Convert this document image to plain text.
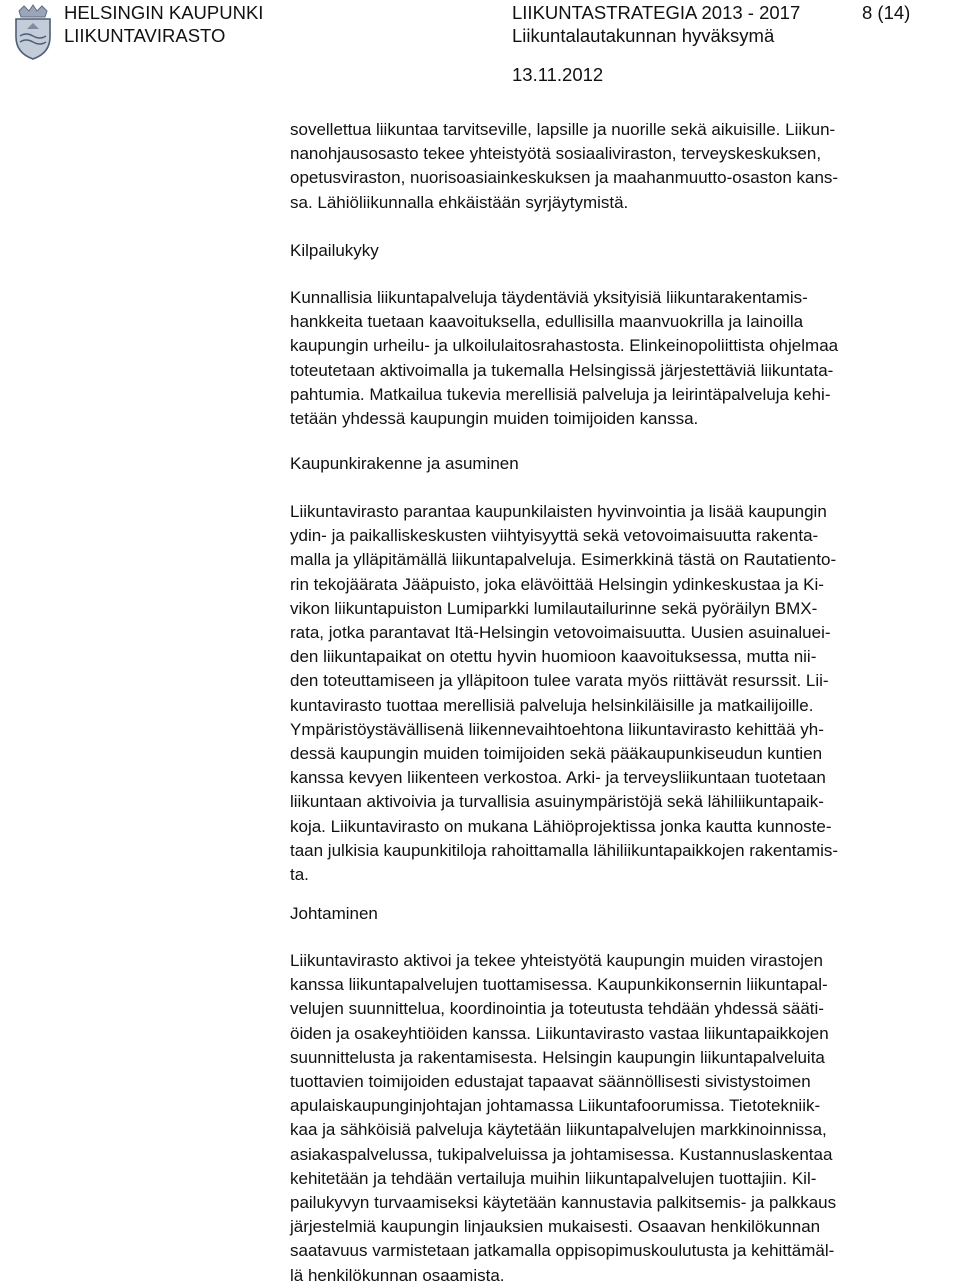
HELSINGIN KAUPUNKI
LIIKUNTAVIRASTO
LIIKUNTASTRATEGIA 2013 - 2017	8 (14)
Liikuntalautakunnan hyväksymä
13.11.2012
sovellettua liikuntaa tarvitseville, lapsille ja nuorille sekä aikuisille. Liikun-
nanohjausosasto tekee yhteistyötä sosiaaliviraston, terveyskeskuksen,
opetusviraston, nuorisoasiainkeskuksen ja maahanmuutto-osaston kans-
sa. Lähiöliikunnalla ehkäistään syrjäytymistä.
Kilpailukyky
Kunnallisia liikuntapalveluja täydentäviä yksityisiä liikuntarakentamis-
hankkeita tuetaan kaavoituksella, edullisilla maanvuokrilla ja lainoilla
kaupungin urheilu- ja ulkoilulaitosrahastosta. Elinkeinopoliittista ohjelmaa
toteutetaan aktivoimalla ja tukemalla Helsingissä järjestettäviä liikuntata-
pahtumia. Matkailua tukevia merellisiä palveluja ja leirintäpalveluja kehi-
tetään yhdessä kaupungin muiden toimijoiden kanssa.
Kaupunkirakenne ja asuminen
Liikuntavirasto parantaa kaupunkilaisten hyvinvointia ja lisää kaupungin
ydin- ja paikalliskeskusten viihtyisyyttä sekä vetovoimaisuutta rakenta-
malla ja ylläpitämällä liikuntapalveluja. Esimerkkinä tästä on Rautatiento-
rin tekojäärata Jääpuisto, joka elävöittää Helsingin ydinkeskustaa ja Ki-
vikon liikuntapuiston Lumiparkki lumilautailurinne sekä pyöräilyn BMX-
rata, jotka parantavat Itä-Helsingin vetovoimaisuutta. Uusien asuinaluei-
den liikuntapaikat on otettu hyvin huomioon kaavoituksessa, mutta nii-
den toteuttamiseen ja ylläpitoon tulee varata myös riittävät resurssit. Lii-
kuntavirasto tuottaa merellisiä palveluja helsinkiläisille ja matkailijoille.
Ympäristöystävällisenä liikennevaihtoehtona liikuntavirasto kehittää yh-
dessä kaupungin muiden toimijoiden sekä pääkaupunkiseudun kuntien
kanssa kevyen liikenteen verkostoa. Arki- ja terveysliikuntaan tuotetaan
liikuntaan aktivoivia ja turvallisia asuinympäristöjä sekä lähiliikuntapaik-
koja. Liikuntavirasto on mukana Lähiöprojektissa jonka kautta kunnoste-
taan julkisia kaupunkitiloja rahoittamalla lähiliikuntapaikkojen rakentamis-
ta.
Johtaminen
Liikuntavirasto aktivoi ja tekee yhteistyötä kaupungin muiden virastojen
kanssa liikuntapalvelujen tuottamisessa. Kaupunkikonsernin liikuntapal-
velujen suunnittelua, koordinointia ja toteutusta tehdään yhdessä sääti-
öiden ja osakeyhtiöiden kanssa. Liikuntavirasto vastaa liikuntapaikkojen
suunnittelusta ja rakentamisesta. Helsingin kaupungin liikuntapalveluita
tuottavien toimijoiden edustajat tapaavat säännöllisesti sivistystoimen
apulaiskaupunginjohtajan johtamassa Liikuntafoorumissa. Tietotekniik-
kaa ja sähköisiä palveluja käytetään liikuntapalvelujen markkinoinnissa,
asiakaspalvelussa, tukipalveluissa ja johtamisessa. Kustannuslaskentaa
kehitetään ja tehdään vertailuja muihin liikuntapalvelujen tuottajiin. Kil-
pailukyvyn turvaamiseksi käytetään kannustavia palkitsemis- ja palkkaus
järjestelmiä kaupungin linjauksien mukaisesti. Osaavan henkilökunnan
saatavuus varmistetaan jatkamalla oppisopimuskoulutusta ja kehittämäl-
lä henkilökunnan osaamista.
